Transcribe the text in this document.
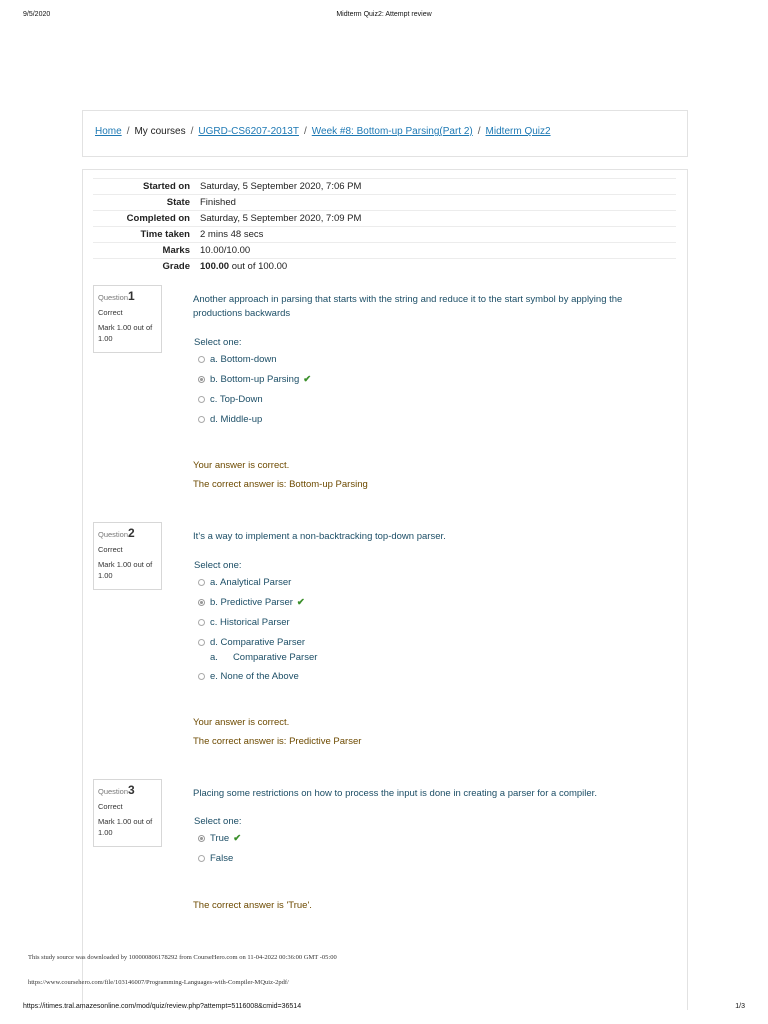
9/5/2020	Midterm Quiz2: Attempt review
Home / My courses / UGRD-CS6207-2013T / Week #8: Bottom-up Parsing(Part 2) / Midterm Quiz2
Started on	Saturday, 5 September 2020, 7:06 PM
State	Finished
Completed on	Saturday, 5 September 2020, 7:09 PM
Time taken	2 mins 48 secs
Marks	10.00/10.00
Grade	100.00 out of 100.00
Question1
Correct
Mark 1.00 out of 1.00
Another approach in parsing that starts with the string and reduce it to the start symbol by applying the productions backwards
Select one:
a. Bottom-down
b. Bottom-up Parsing ✔
c. Top-Down
d. Middle-up
Your answer is correct.
The correct answer is: Bottom-up Parsing
Question2
Correct
Mark 1.00 out of 1.00
It’s a way to implement a non-backtracking top-down parser.
Select one:
a. Analytical Parser
b. Predictive Parser ✔
c. Historical Parser
d. Comparative Parser
a. Comparative Parser
e. None of the Above
Your answer is correct.
The correct answer is: Predictive Parser
Question3
Correct
Mark 1.00 out of 1.00
Placing some restrictions on how to process the input is done in creating a parser for a compiler.
Select one:
True ✔
False
The correct answer is 'True'.
This study source was downloaded by 100000806178292 from CourseHero.com on 11-04-2022 00:36:00 GMT -05:00
https://www.coursehero.com/file/103146007/Programming-Languages-with-Compiler-MQuiz-2pdf/
https://itimes.tral.amazesonline.com/mod/quiz/review.php?attempt=5116008&cmid=36514	1/3
